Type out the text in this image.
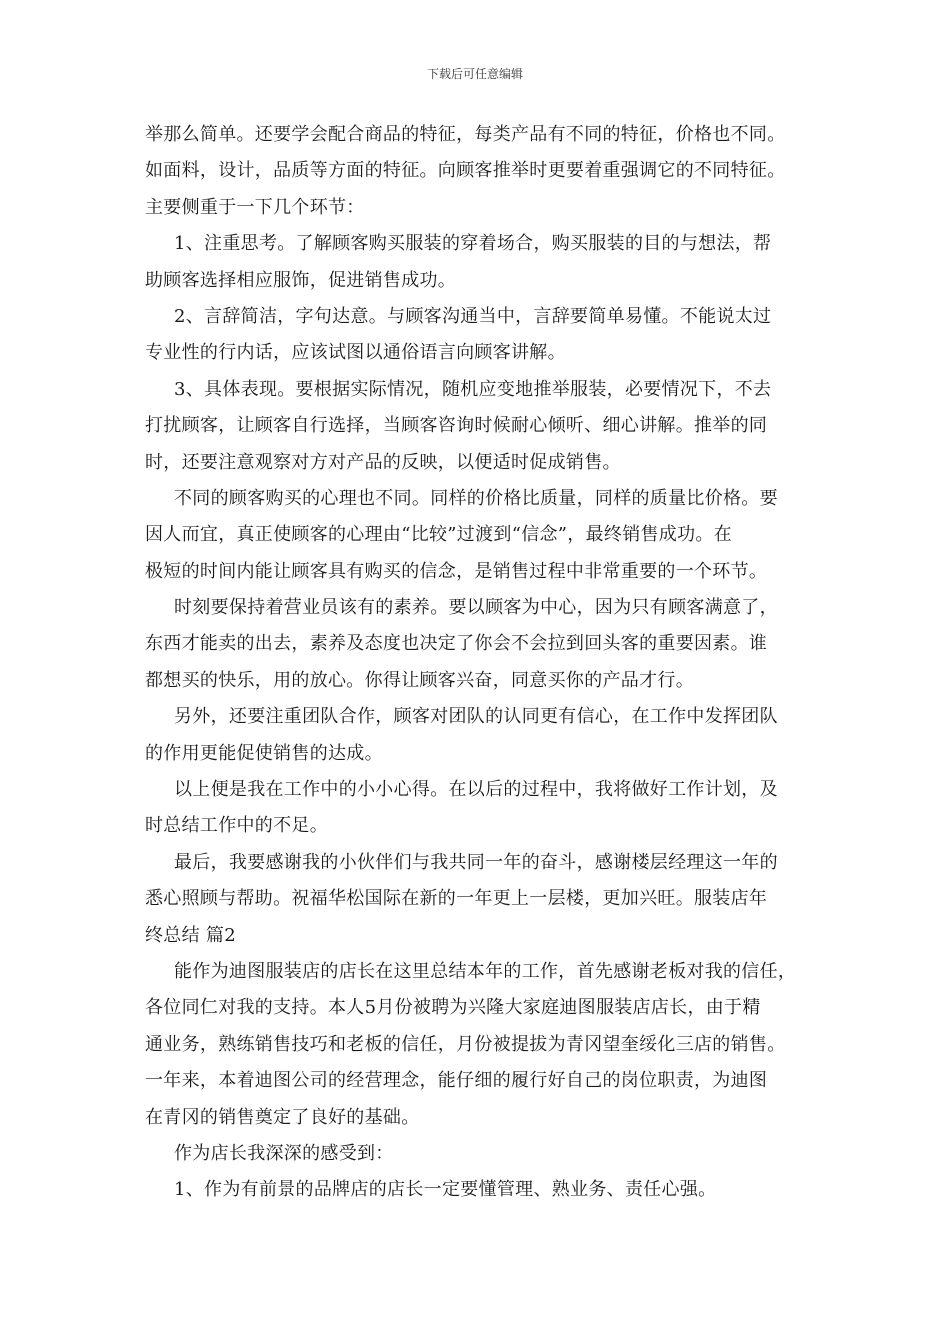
下载后可任意编辑
举那么简单。还要学会配合商品的特征，每类产品有不同的特征，价格也不同。
如面料，设计，品质等方面的特征。向顾客推举时更要着重强调它的不同特征。
主要侧重于一下几个环节：
1、注重思考。了解顾客购买服装的穿着场合，购买服装的目的与想法，帮
助顾客选择相应服饰，促进销售成功。
2、言辞简洁，字句达意。与顾客沟通当中，言辞要简单易懂。不能说太过
专业性的行内话，应该试图以通俗语言向顾客讲解。
3、具体表现。要根据实际情况，随机应变地推举服装，必要情况下，不去
打扰顾客，让顾客自行选择，当顾客咨询时候耐心倾听、细心讲解。推举的同
时，还要注意观察对方对产品的反映，以便适时促成销售。
不同的顾客购买的心理也不同。同样的价格比质量，同样的质量比价格。要
因人而宜，真正使顾客的心理由“比较”过渡到“信念”，最终销售成功。在
极短的时间内能让顾客具有购买的信念，是销售过程中非常重要的一个环节。
时刻要保持着营业员该有的素养。要以顾客为中心，因为只有顾客满意了，
东西才能卖的出去，素养及态度也决定了你会不会拉到回头客的重要因素。谁
都想买的快乐，用的放心。你得让顾客兴奋，同意买你的产品才行。
另外，还要注重团队合作，顾客对团队的认同更有信心，在工作中发挥团队
的作用更能促使销售的达成。
以上便是我在工作中的小小心得。在以后的过程中，我将做好工作计划，及
时总结工作中的不足。
最后，我要感谢我的小伙伴们与我共同一年的奋斗，感谢楼层经理这一年的
悉心照顾与帮助。祝福华松国际在新的一年更上一层楼，更加兴旺。服装店年
终总结 篇2
能作为迪图服装店的店长在这里总结本年的工作，首先感谢老板对我的信任，
各位同仁对我的支持。本人5月份被聘为兴隆大家庭迪图服装店店长，由于精
通业务，熟练销售技巧和老板的信任，月份被提拔为青冈望奎绥化三店的销售。
一年来，本着迪图公司的经营理念，能仔细的履行好自己的岗位职责，为迪图
在青冈的销售奠定了良好的基础。
作为店长我深深的感受到：
1、作为有前景的品牌店的店长一定要懂管理、熟业务、责任心强。
